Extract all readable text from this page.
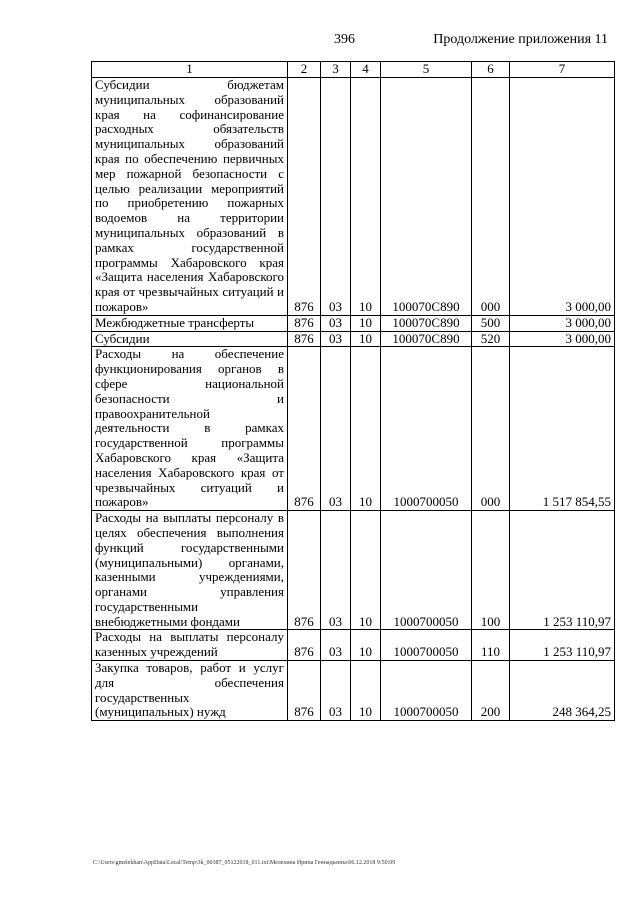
396	Продолжение приложения 11
1	2	3	4	5	6	7
Субсидии бюджетам муниципальных образований края на софинансирование расходных обязательств муниципальных образований края по обеспечению первичных мер пожарной безопасности с целью реализации мероприятий по приобретению пожарных водоемов на территории муниципальных образований в рамках государственной программы Хабаровского края «Защита населения Хабаровского края от чрезвычайных ситуаций и пожаров»	876	03	10	100070С890	000	3 000,00
Межбюджетные трансферты	876	03	10	100070С890	500	3 000,00
Субсидии	876	03	10	100070С890	520	3 000,00
Расходы на обеспечение функционирования органов в сфере национальной безопасности и правоохранительной деятельности в рамках государственной программы Хабаровского края «Защита населения Хабаровского края от чрезвычайных ситуаций и пожаров»	876	03	10	1000700050	000	1 517 854,55
Расходы на выплаты персоналу в целях обеспечения выполнения функций государственными (муниципальными) органами, казенными учреждениями, органами управления государственными внебюджетными фондами	876	03	10	1000700050	100	1 253 110,97
Расходы на выплаты персоналу казенных учреждений	876	03	10	1000700050	110	1 253 110,97
Закупка товаров, работ и услуг для обеспечения государственных (муниципальных) нужд	876	03	10	1000700050	200	248 364,25
C:\Users\gmelekhan\AppData\Local\Temp\3k_00387_05122018_011.txt\Мелехина Ирина Геннадьевна\06.12.2018 9:50:09
